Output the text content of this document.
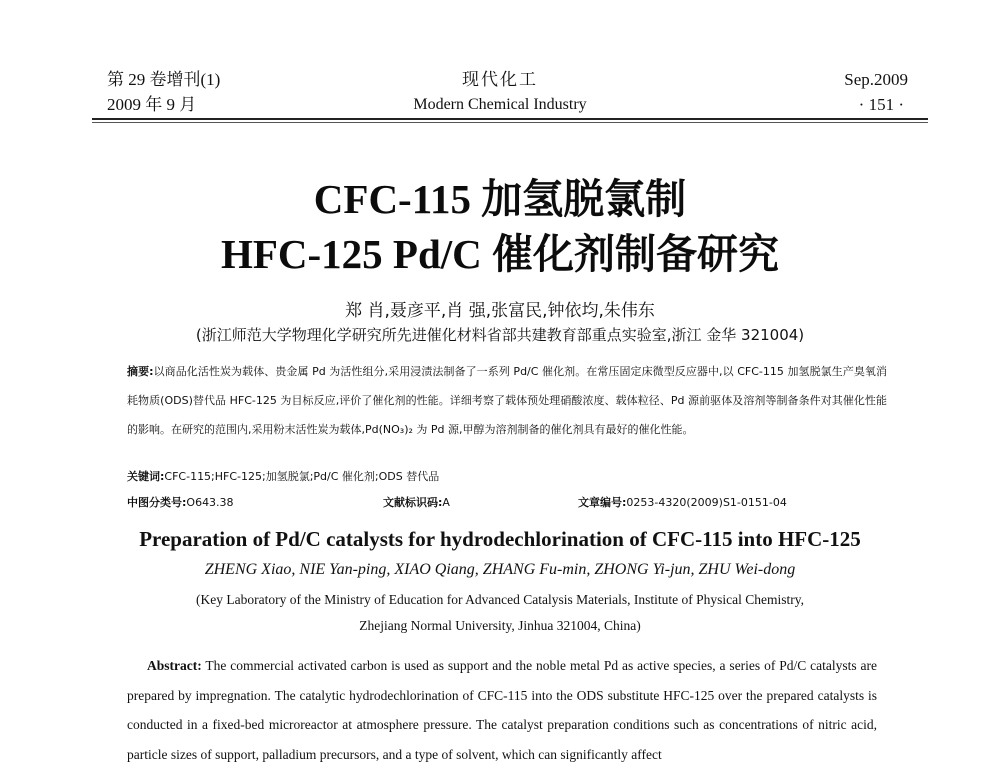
第 29 卷增刊(1)
2009 年 9 月
现代化工
Modern Chemical Industry
Sep.2009
· 151 ·
CFC-115 加氢脱氯制
HFC-125 Pd/C 催化剂制备研究
郑 肖,聂彦平,肖 强,张富民,钟依均,朱伟东
(浙江师范大学物理化学研究所先进催化材料省部共建教育部重点实验室,浙江 金华 321004)
摘要:以商品化活性炭为载体、贵金属 Pd 为活性组分,采用浸渍法制备了一系列 Pd/C 催化剂。在常压固定床微型反应器中,以 CFC-115 加氢脱氯生产臭氧消耗物质(ODS)替代品 HFC-125 为目标反应,评价了催化剂的性能。详细考察了载体预处理硝酸浓度、载体粒径、Pd 源前驱体及溶剂等制备条件对其催化性能的影响。在研究的范围内,采用粉末活性炭为载体,Pd(NO₃)₂ 为 Pd 源,甲醇为溶剂制备的催化剂具有最好的催化性能。
关键词:CFC-115;HFC-125;加氢脱氯;Pd/C 催化剂;ODS 替代品
中图分类号:O643.38	文献标识码:A	文章编号:0253-4320(2009)S1-0151-04
Preparation of Pd/C catalysts for hydrodechlorination of CFC-115 into HFC-125
ZHENG Xiao, NIE Yan-ping, XIAO Qiang, ZHANG Fu-min, ZHONG Yi-jun, ZHU Wei-dong
(Key Laboratory of the Ministry of Education for Advanced Catalysis Materials, Institute of Physical Chemistry,
Zhejiang Normal University, Jinhua 321004, China)
Abstract: The commercial activated carbon is used as support and the noble metal Pd as active species, a series of Pd/C catalysts are prepared by impregnation. The catalytic hydrodechlorination of CFC-115 into the ODS substitute HFC-125 over the prepared catalysts is conducted in a fixed-bed microreactor at atmosphere pressure. The catalyst preparation conditions such as concentrations of nitric acid, particle sizes of support, palladium precursors, and a type of solvent, which can significantly affect
